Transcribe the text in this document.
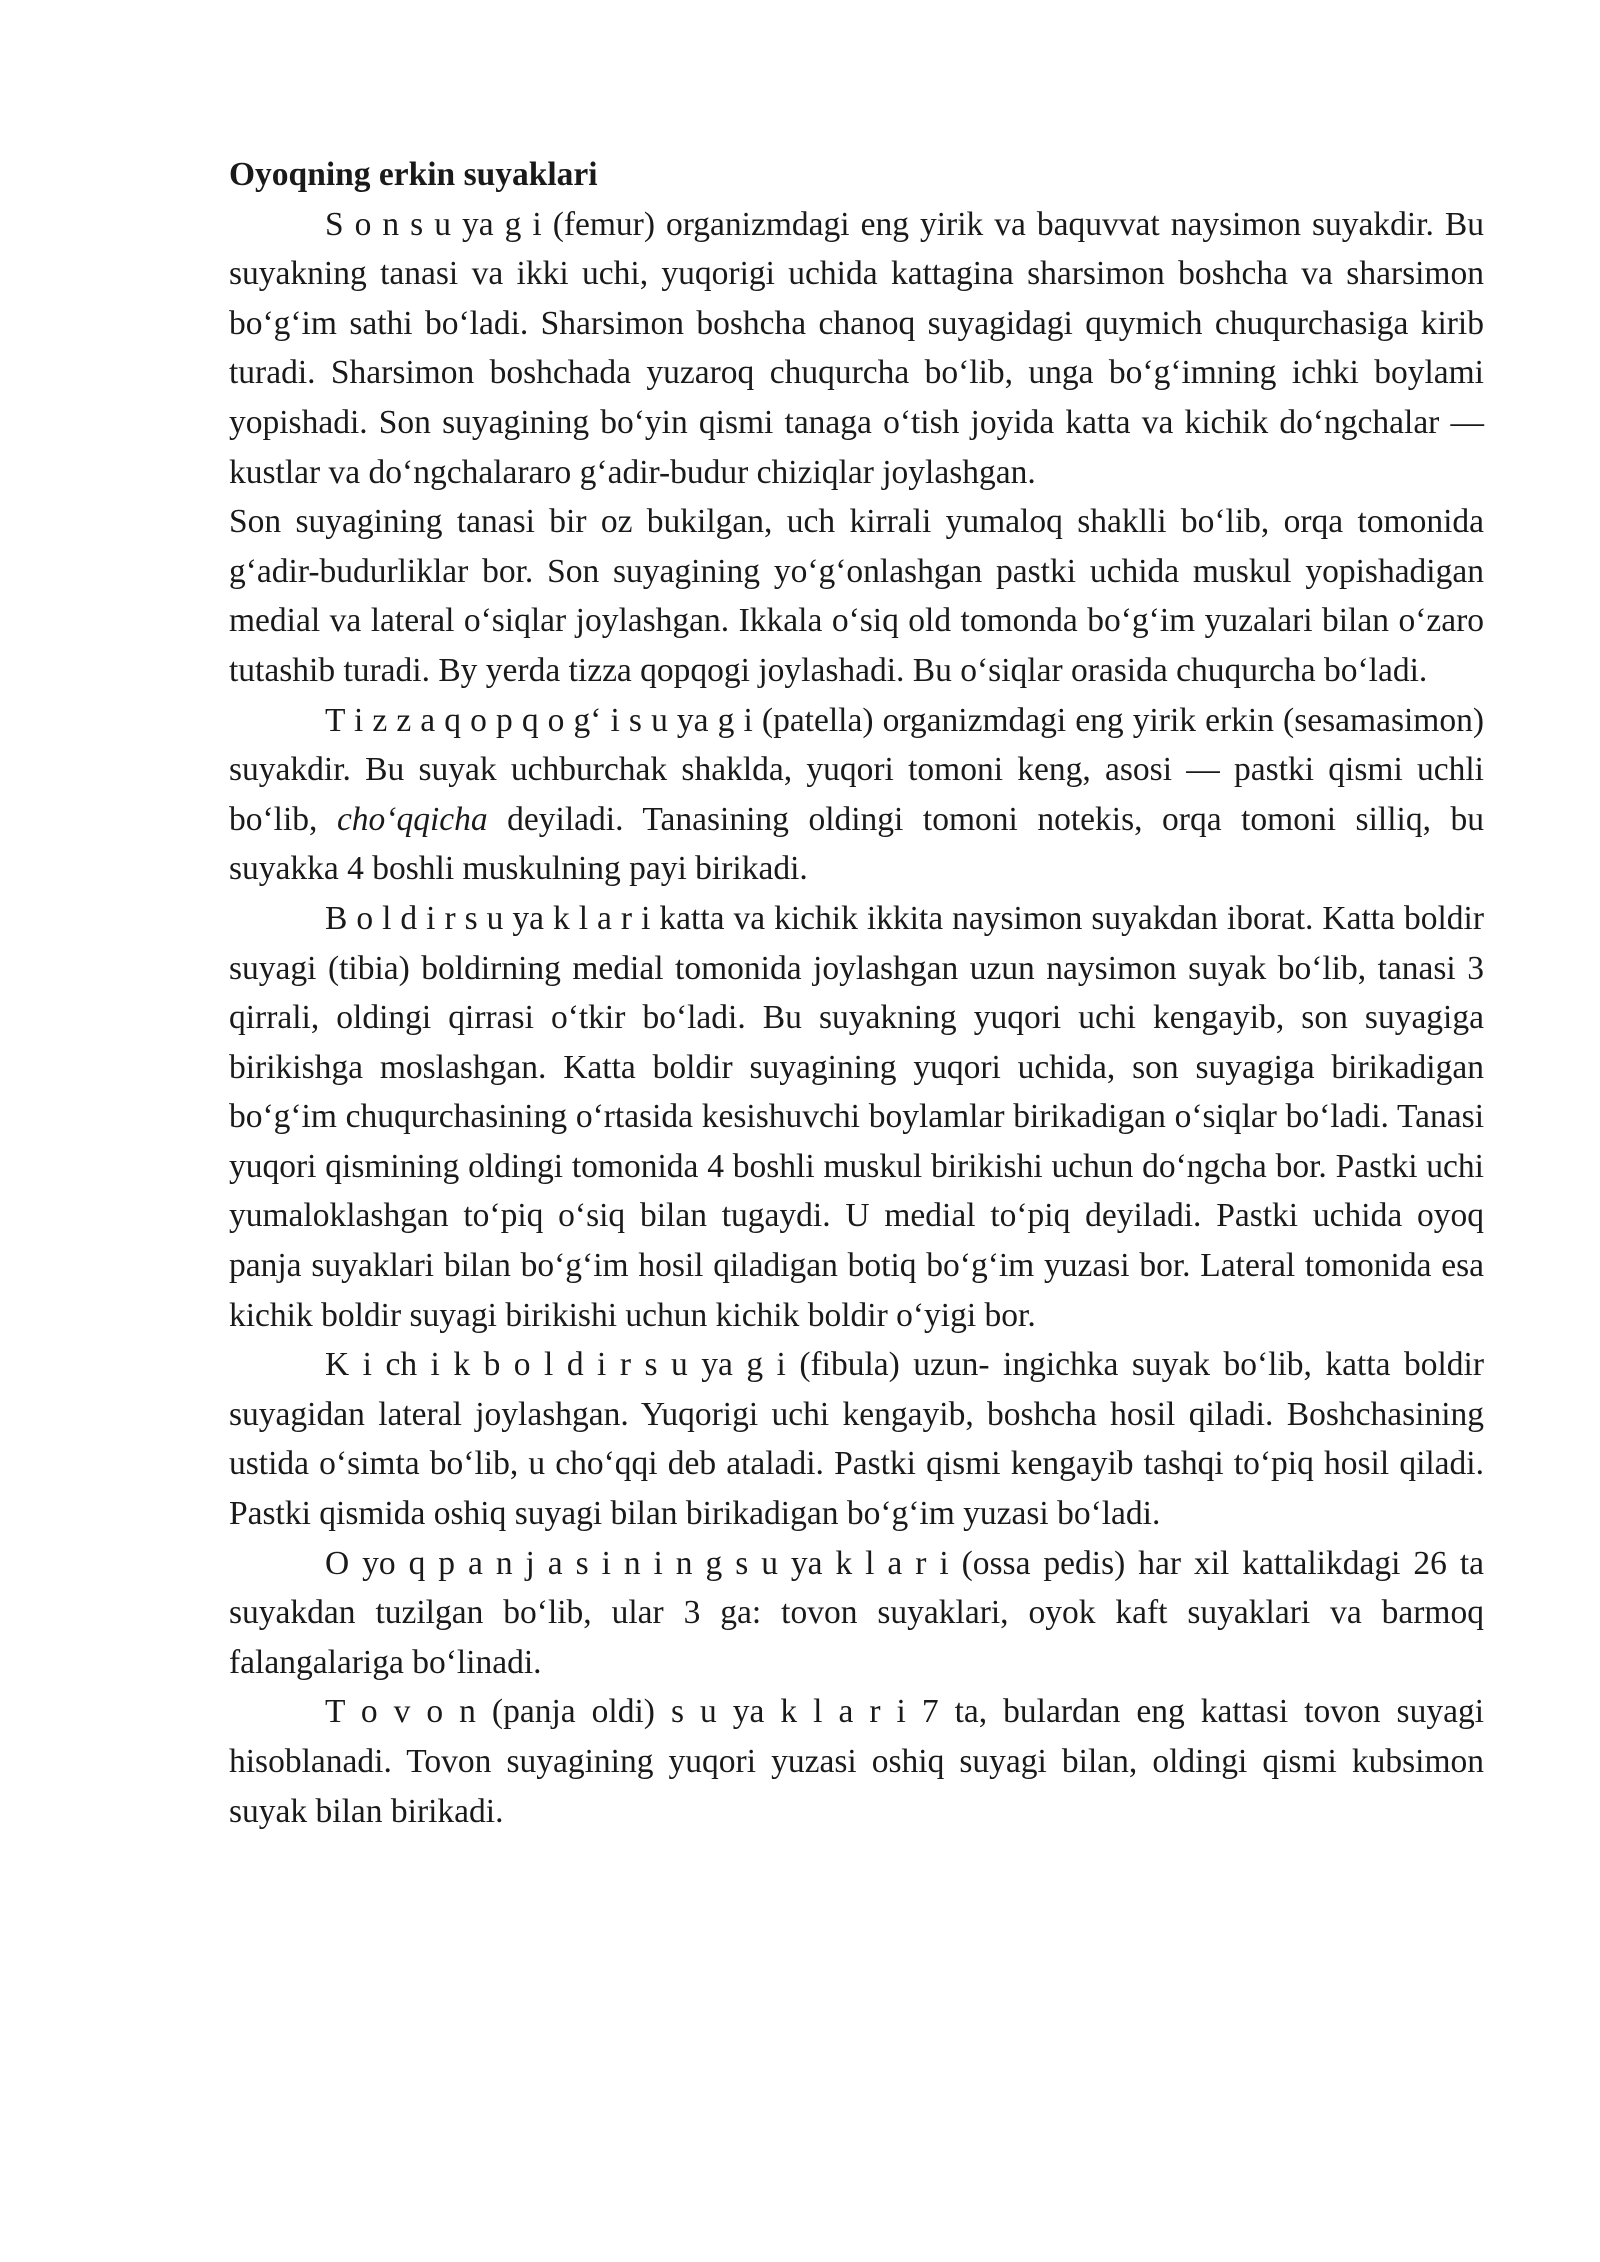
Oyoqning erkin suyaklari

S o n s u ya g i (femur) organizmdagi eng yirik va baquvvat naysimon suyakdir. Bu suyakning tanasi va ikki uchi, yuqorigi uchida kattagina sharsimon boshcha va sharsimon bo‘g‘im sathi bo‘ladi. Sharsimon boshcha chanoq suyagidagi quymich chuqurchasiga kirib turadi. Sharsimon boshchada yuzaroq chuqurcha bo‘lib, unga bo‘g‘imning ichki boylami yopishadi. Son suyagining bo‘yin qismi tanaga o‘tish joyida katta va kichik do‘ngchalar — kustlar va do‘ngchalararo g‘adir-budur chiziqlar joylashgan.

Son suyagining tanasi bir oz bukilgan, uch kirrali yumaloq shaklli bo‘lib, orqa tomonida g‘adir-budurliklar bor. Son suyagining yo‘g‘onlashgan pastki uchida muskul yopishadigan medial va lateral o‘siqlar joylashgan. Ikkala o‘siq old tomonda bo‘g‘im yuzalari bilan o‘zaro tutashib turadi. By yerda tizza qopqogi joylashadi. Bu o‘siqlar orasida chuqurcha bo‘ladi.

T i z z a q o p q o g‘ i s u ya g i (patella) organizmdagi eng yirik erkin (sesamasimon) suyakdir. Bu suyak uchburchak shaklda, yuqori tomoni keng, asosi — pastki qismi uchli bo‘lib, cho‘qqicha deyiladi. Tanasining oldingi tomoni notekis, orqa tomoni silliq, bu suyakka 4 boshli muskulning payi birikadi.

B o l d i r s u ya k l a r i katta va kichik ikkita naysimon suyakdan iborat. Katta boldir suyagi (tibia) boldirning medial tomonida joylashgan uzun naysimon suyak bo‘lib, tanasi 3 qirrali, oldingi qirrasi o‘tkir bo‘ladi. Bu suyakning yuqori uchi kengayib, son suyagiga birikishga moslashgan. Katta boldir suyagining yuqori uchida, son suyagiga birikadigan bo‘g‘im chuqurchasining o‘rtasida kesishuvchi boylamlar birikadigan o‘siqlar bo‘ladi. Tanasi yuqori qismining oldingi tomonida 4 boshli muskul birikishi uchun do‘ngcha bor. Pastki uchi yumaloklashgan to‘piq o‘siq bilan tugaydi. U medial to‘piq deyiladi. Pastki uchida oyoq panja suyaklari bilan bo‘g‘im hosil qiladigan botiq bo‘g‘im yuzasi bor. Lateral tomonida esa kichik boldir suyagi birikishi uchun kichik boldir o‘yigi bor.

K i ch i k b o l d i r s u ya g i (fibula) uzun- ingichka suyak bo‘lib, katta boldir suyagidan lateral joylashgan. Yuqorigi uchi kengayib, boshcha hosil qiladi. Boshchasining ustida o‘simta bo‘lib, u cho‘qqi deb ataladi. Pastki qismi kengayib tashqi to‘piq hosil qiladi. Pastki qismida oshiq suyagi bilan birikadigan bo‘g‘im yuzasi bo‘ladi.

O yo q p a n j a s i n i n g s u ya k l a r i (ossa pedis) har xil kattalikdagi 26 ta suyakdan tuzilgan bo‘lib, ular 3 ga: tovon suyaklari, oyok kaft suyaklari va barmoq falangalariga bo‘linadi.

T o v o n (panja oldi) s u ya k l a r i 7 ta, bulardan eng kattasi tovon suyagi hisoblanadi. Tovon suyagining yuqori yuzasi oshiq suyagi bilan, oldingi qismi kubsimon suyak bilan birikadi.
